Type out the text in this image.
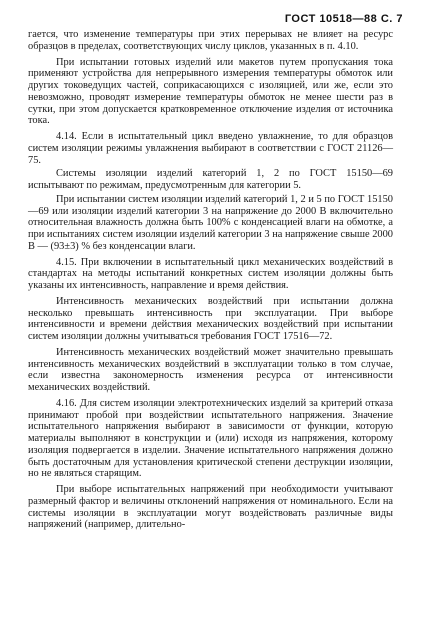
ГОСТ 10518—88 С. 7

гается, что изменение температуры при этих перерывах не влияет на ресурс образцов в пределах, соответствующих числу циклов, указанных в п. 4.10.

При испытании готовых изделий или макетов путем пропускания тока применяют устройства для непрерывного измерения температуры обмоток или других токоведущих частей, соприкасающихся с изоляцией, или же, если это невозможно, проводят измерение температуры обмоток не менее шести раз в сутки, при этом допускается кратковременное отключение изделия от источника тока.

4.14. Если в испытательный цикл введено увлажнение, то для образцов систем изоляции режимы увлажнения выбирают в соответствии с ГОСТ 21126—75.

Системы изоляции изделий категорий 1, 2 по ГОСТ 15150—69 испытывают по режимам, предусмотренным для категории 5.

При испытании систем изоляции изделий категорий 1, 2 и 5 по ГОСТ 15150—69 или изоляции изделий категории 3 на напряжение до 2000 В включительно относительная влажность должна быть 100% с конденсацией влаги на обмотке, а при испытаниях систем изоляции изделий категории 3 на напряжение свыше 2000 В — (93±3) % без конденсации влаги.

4.15. При включении в испытательный цикл механических воздействий в стандартах на методы испытаний конкретных систем изоляции должны быть указаны их интенсивность, направление и время действия.

Интенсивность механических воздействий при испытании должна несколько превышать интенсивность при эксплуатации. При выборе интенсивности и времени действия механических воздействий при испытании систем изоляции должны учитываться требования ГОСТ 17516—72.

Интенсивность механических воздействий может значительно превышать интенсивность механических воздействий в эксплуатации только в том случае, если известна закономерность изменения ресурса от интенсивности механических воздействий.

4.16. Для систем изоляции электротехнических изделий за критерий отказа принимают пробой при воздействии испытательного напряжения. Значение испытательного напряжения выбирают в зависимости от функции, которую материалы выполняют в конструкции и (или) исходя из напряжения, которому изоляция подвергается в изделии. Значение испытательного напряжения должно быть достаточным для установления критической степени деструкции изоляции, но не являться старящим.

При выборе испытательных напряжений при необходимости учитывают размерный фактор и величины отклонений напряжения от номинального. Если на системы изоляции в эксплуатации могут воздействовать различные виды напряжений (например, длительно-
